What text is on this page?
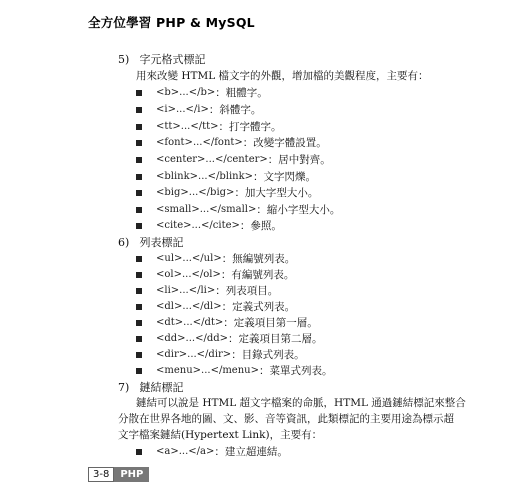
全方位學習 PHP & MySQL
5) 字元格式標記
用來改變 HTML 檔文字的外觀，增加檔的美觀程度，主要有：
<b>...</b> ：粗體字。
<i>...</i> ：斜體字。
<tt>...</tt> ：打字體字。
<font>...</font> ：改變字體設置。
<center>...</center> ：居中對齊。
<blink>...</blink> ：文字閃爍。
<big>...</big> ：加大字型大小。
<small>...</small> ：縮小字型大小。
<cite>...</cite> ：參照。
6) 列表標記
<ul>...</ul> ：無編號列表。
<ol>...</ol> ：有編號列表。
<li>...</li> ：列表項目。
<dl>...</dl> ：定義式列表。
<dt>...</dt> ：定義項目第一層。
<dd>...</dd> ：定義項目第二層。
<dir>...</dir> ：目錄式列表。
<menu>...</menu> ：菜單式列表。
7) 鏈結標記
鏈結可以說是 HTML 超文字檔案的命脈，HTML 通過鏈結標記來整合
分散在世界各地的圖、文、影、音等資訊，此類標記的主要用途為標示超
文字檔案鏈結(Hypertext Link)，主要有：
<a>...</a> ：建立超連結。
3-8	PHP
